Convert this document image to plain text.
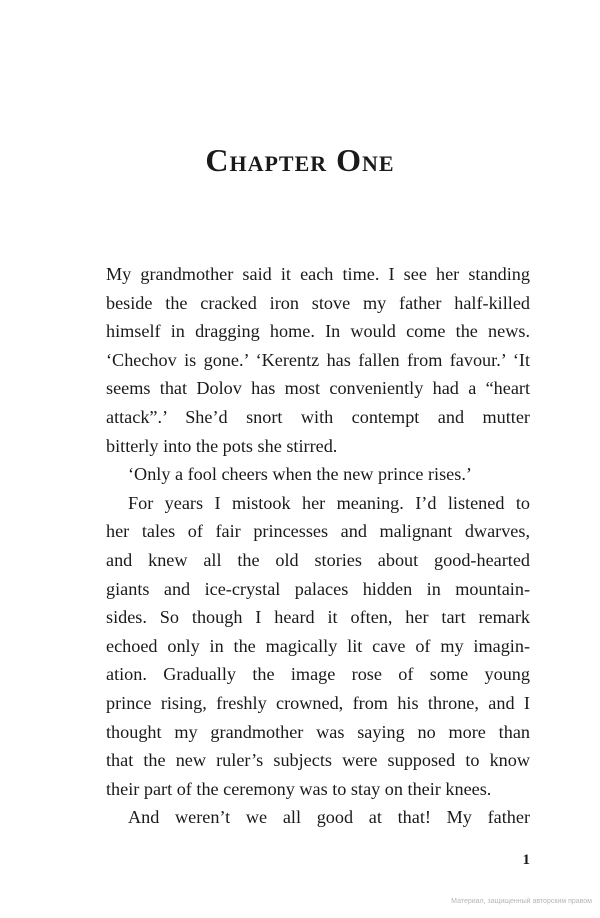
Chapter One

My grandmother said it each time. I see her standing
beside the cracked iron stove my father half-killed
himself in dragging home. In would come the news.
‘Chechov is gone.’ ‘Kerentz has fallen from favour.’ ‘It
seems that Dolov has most conveniently had a “heart
attack”.’ She’d snort with contempt and mutter
bitterly into the pots she stirred.

‘Only a fool cheers when the new prince rises.’

For years I mistook her meaning. I’d listened to
her tales of fair princesses and malignant dwarves,
and knew all the old stories about good-hearted
giants and ice-crystal palaces hidden in mountain-
sides. So though I heard it often, her tart remark
echoed only in the magically lit cave of my imagin-
ation. Gradually the image rose of some young
prince rising, freshly crowned, from his throne, and I
thought my grandmother was saying no more than
that the new ruler’s subjects were supposed to know
their part of the ceremony was to stay on their knees.

And weren’t we all good at that! My father

1
Материал, защищенный авторским правом
